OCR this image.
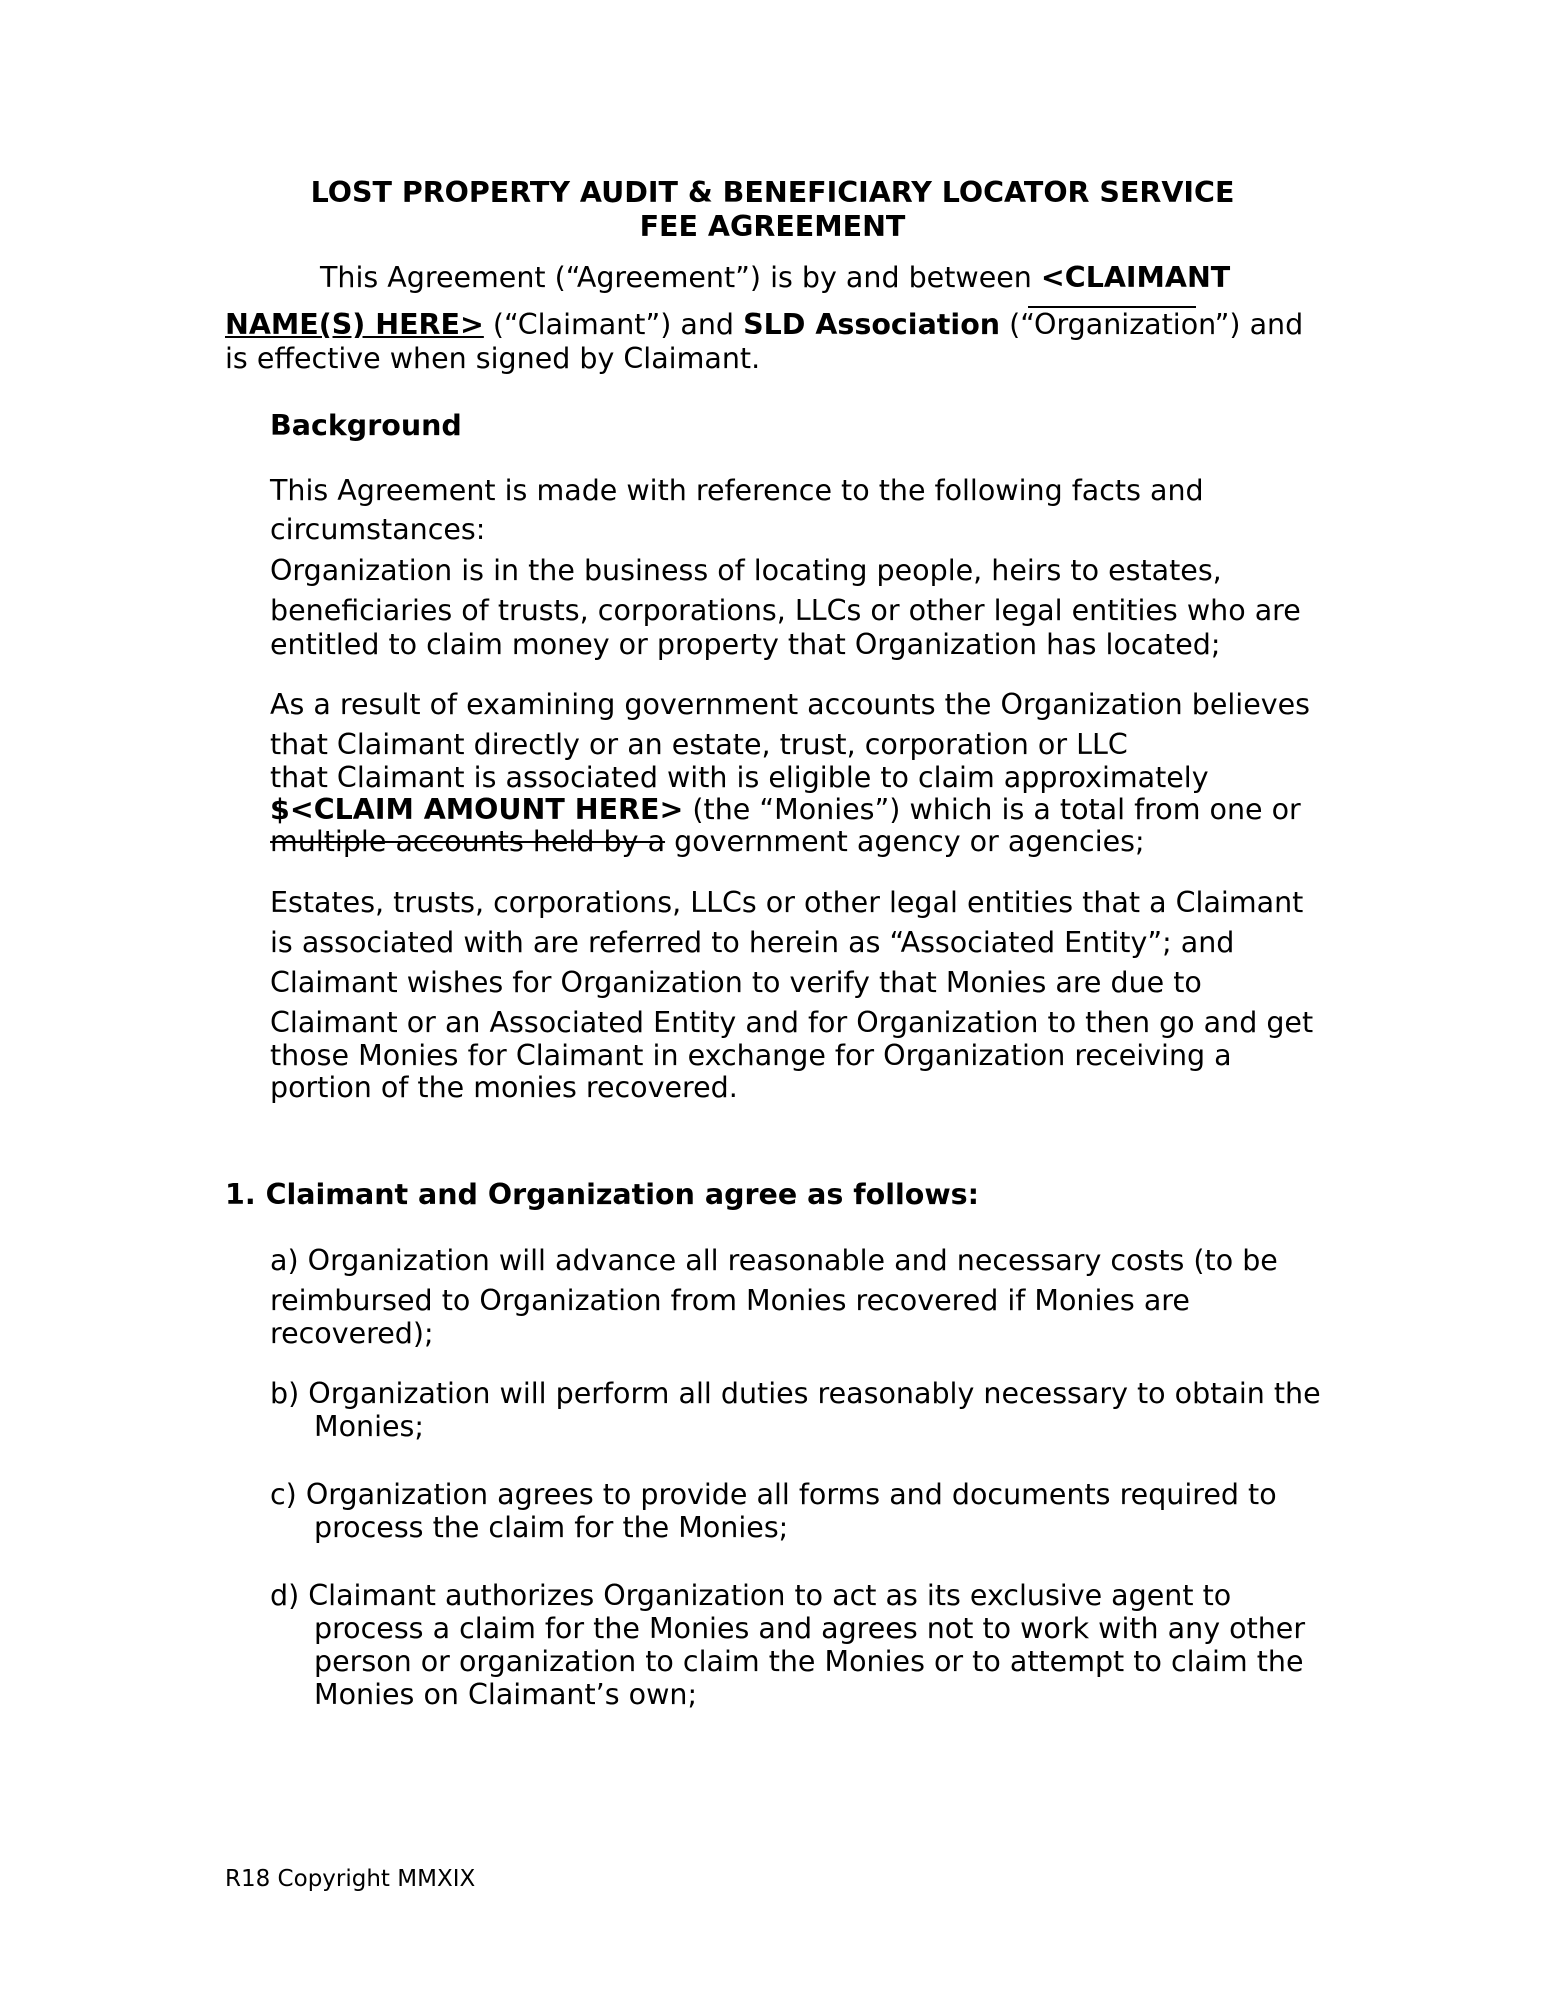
LOST PROPERTY AUDIT & BENEFICIARY LOCATOR SERVICE
FEE AGREEMENT
This Agreement (“Agreement”) is by and between <CLAIMANT
NAME(S) HERE> (“Claimant”) and SLD Association (“Organization”) and
is effective when signed by Claimant.
Background
This Agreement is made with reference to the following facts and
circumstances:
Organization is in the business of locating people, heirs to estates,
beneficiaries of trusts, corporations, LLCs or other legal entities who are
entitled to claim money or property that Organization has located;
As a result of examining government accounts the Organization believes
that Claimant directly or an estate, trust, corporation or LLC
that Claimant is associated with is eligible to claim approximately
$<CLAIM AMOUNT HERE> (the “Monies”) which is a total from one or
multiple accounts held by a government agency or agencies;
Estates, trusts, corporations, LLCs or other legal entities that a Claimant
is associated with are referred to herein as “Associated Entity”; and
Claimant wishes for Organization to verify that Monies are due to
Claimant or an Associated Entity and for Organization to then go and get
those Monies for Claimant in exchange for Organization receiving a
portion of the monies recovered.
1. Claimant and Organization agree as follows:
a) Organization will advance all reasonable and necessary costs (to be
reimbursed to Organization from Monies recovered if Monies are
recovered);
b) Organization will perform all duties reasonably necessary to obtain the
Monies;
c) Organization agrees to provide all forms and documents required to
process the claim for the Monies;
d) Claimant authorizes Organization to act as its exclusive agent to
process a claim for the Monies and agrees not to work with any other
person or organization to claim the Monies or to attempt to claim the
Monies on Claimant’s own;
R18 Copyright MMXIX
